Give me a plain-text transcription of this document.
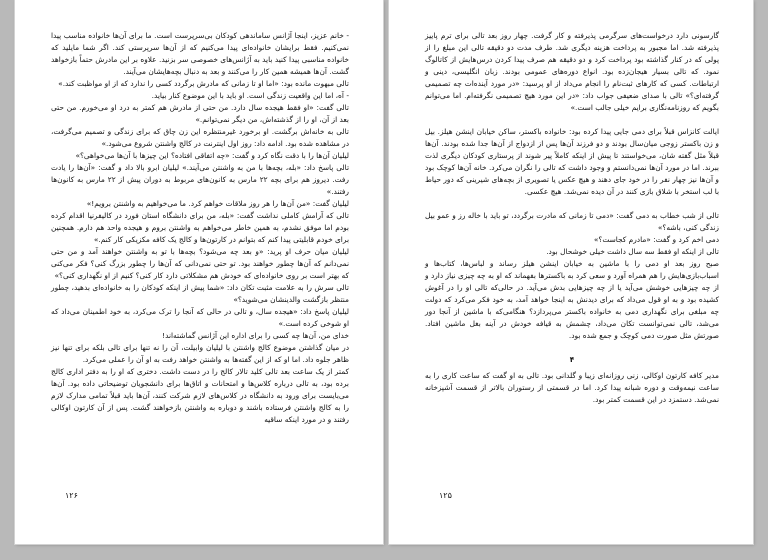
- خانم عزیز، اینجا آژانس ساماندهی کودکان بی‌سرپرست است. ما برای آن‌ها خانواده مناسب پیدا نمی‌کنیم. فقط برایشان خانواده‌ای پیدا می‌کنیم که از آن‌ها سرپرستی کند. اگر شما مایلید که خانواده مناسبی پیدا کنید باید به آژانس‌های خصوصی سر بزنید. علاوه بر این مادرش حتماً بازخواهد گشت. آن‌ها همیشه همین کار را می‌کنند و بعد به دنبال بچه‌هایشان می‌آیند.

تالی مبهوت مانده بود: «اما او تا زمانی که مادرش برگردد کسی را ندارد که از او مواظبت کند.»

- آه، اما این واقعیت زندگی است. او باید با این موضوع کنار بیاید.

تالی گفت: «او فقط هیجده سال دارد. من حتی از مادرش هم کمتر به درد او می‌خورم. من حتی بعد از آن، او را از گذشته‌اش، من دیگر نمی‌توانم.»

تالی به خانه‌اش برگشت. او برخورد غیرمنتظره این زن چاق که برای زندگی و تصمیم می‌گرفت، در مشاهده شده بود. ادامه داد: روز اول اینترنت در کالج واشنتن شروع می‌شود.»

لیلیان آن‌ها را با دقت نگاه کرد و گفت: «چه اتفاقی افتاده؟ این چیزها با آن‌ها می‌خواهی؟»

تالی پاسخ داد: «بله، بچه‌ها با من به واشنتن می‌آیند.» لیلیان ابرو بالا داد و گفت: «آن‌ها را یادت رفت. دیروز هم برای بچه ۲۲ مارس به کانون‌های مربوط به دوران پیش از ۲۲ مارس به کانون‌ها رفتند.»

لیلیان گفت: «من آن‌ها را هر روز ملاقات خواهم کرد. ما می‌خواهیم به واشنتن برویم!»

تالی که آرامش کاملی نداشت گفت: «بله، من برای دانشگاه استان فورد در کالیفرنیا اقدام کرده بودم اما موفق نشدم، به همین خاطر می‌خواهم به واشنتن بروم و هیجده واحد هم دارم. همچنین برای خودم قابلیتی پیدا کنم که بتوانم در کارتون‌ها و کالج یک کافه مکزیکی کار کنم.»

لیلیان میان حرف او پرید: «و بعد چه می‌شود؟ بچه‌ها با تو به واشنتن خواهند آمد و من حتی نمی‌دانم که آن‌ها چطور خواهند بود. تو حتی نمی‌دانی که آن‌ها را چطور بزرگ کنی؟ فکر می‌کنی که بهتر است بر روی خانواده‌ای که خودش هم مشکلاتی دارد کار کنی؟ کنیم از او نگهداری کنی؟»

تالی سرش را به علامت مثبت تکان داد: «شما پیش از اینکه کودکان را به خانواده‌ای بدهید، چطور منتظر بازگشت والدینشان می‌شوید؟»

لیلیان پاسخ داد: «هیجده سال، و تالی در حالی که آنجا را ترک می‌کرد، به خود اطمینان می‌داد که او شوخی کرده است.»

خدای من، آن‌ها چه کسی را برای اداره این آژانس گماشته‌اند!

در میان گذاشتن موضوع کالج واشنتن با لیلیان وابیلت، آن را نه تنها برای تالی بلکه برای تنها نیز ظاهر جلوه داد. اما او که از این گفته‌ها به واشنتن خواهد رفت به او آن را عملی می‌کرد.

کمتر از یک ساعت بعد تالی کلید تالار کالج را در دست داشت. دختری که او را به دفتر اداری کالج برده بود، به تالی درباره کلاس‌ها و امتحانات و اتاق‌ها برای دانشجویان توضیحاتی داده بود. آن‌ها می‌بایست برای ورود به دانشگاه در کلاس‌های لازم شرکت کنند، آن‌ها باید قبلاً تمامی مدارک لازم را به کالج واشنتن فرستاده باشند و دوباره به واشنتن بازخواهند گشت. پس از آن کارتون اوکالی رفتند و در مورد اینکه ساقیه

۱۲۶

گارسونی دارد درخواست‌های سرگرمی پذیرفته و کار گرفت. چهار روز بعد تالی برای ترم پاییز پذیرفته شد. اما مجبور به پرداخت هزینه دیگری شد. طرف مدت دو دقیقه تالی این مبلغ را از پولی که در کنار گذاشته بود پرداخت کرد و دو دقیقه هم صرف پیدا کردن درس‌هایش از کاتالوگ نمود. که تالی بسیار هیجان‌زده بود. انواع دوره‌های عمومی بودند. زبان انگلیسی، دینی و ارتباطات. کسی که کارهای ثبت‌نام را انجام می‌داد از او پرسید: «در مورد آینده‌ات چه تصمیمی گرفته‌ای؟» تالی با صدای ضعیفی جواب داد: «در این مورد هیچ تصمیمی نگرفته‌ام. اما می‌توانم بگویم که روزنامه‌نگاری برایم خیلی جالب است.»

ایالت کانزاس قبلاً برای دمی جایی پیدا کرده بود: خانواده باکستر، ساکن خیابان اینشن هیلز. بیل و زن باکستر زوجی میان‌سال بودند و دو فرزند آن‌ها پس از ازدواج از آن‌ها جدا شده بودند. آن‌ها قبلاً مثل گفته شان، می‌خواستند تا پیش از اینکه کاملاً پیر شوند از پرستاری کودکان دیگری لذت ببرند. اما در مورد آن‌ها نمی‌دانستم و وجود داشت که تالی را نگران می‌کرد. خانه آن‌ها کوچک بود و آن‌ها نیز چهار نفر را در خود جای دهند و هیچ عکس یا تصویری از بچه‌های شیرینی که دور حیاط با لب استخر با شلاق بازی کنند در آن دیده نمی‌شد. هیچ عکسی.

تالی از شب خطاب به دمی گفت: «دمی تا زمانی که مادرت برگردد، تو باید با خاله رز و عمو بیل زندگی کنی، باشه؟»

دمی اخم کرد و گفت: «مادرم کجاست؟»

تالی از اینکه او فقط سه سال داشت خیلی خوشحال بود.

صبح روز بعد او دمی را با ماشین به خیابان اینشن هیلز رساند و لباس‌ها، کتاب‌ها و اسباب‌بازی‌هایش را هم همراه آورد و سعی کرد به باکسترها بفهماند که او به چه چیزی نیاز دارد و از چه چیزهایی خوشش می‌آید یا از چه چیزهایی بدش می‌آید. در حالی‌که تالی او را در آغوش کشیده بود و به او قول می‌داد که برای دیدنش به اینجا خواهد آمد، به خود فکر می‌کرد که دولت چه مبلغی برای نگهداری دمی به خانواده باکستر می‌پردازد؟ هنگامی‌که با ماشین از آنجا دور می‌شد، تالی نمی‌توانست تکان می‌داد، چشمش به قیافه خودش در آینه بغل ماشین افتاد. صورتش مثل صورت دمی کوچک و جمع شده بود.

۴

مدیر کافه کارتون اوکالی، زنی روزانه‌ای زیبا و گلدانی بود. تالی به او گفت که ساعت کاری را به ساعت نیمه‌وقت و دوره شبانه پیدا کرد. اما در قسمتی از رستوران بالاتر از قسمت آشپزخانه نمی‌شد. دستمزد در این قسمت کمتر بود.

۱۲۵
